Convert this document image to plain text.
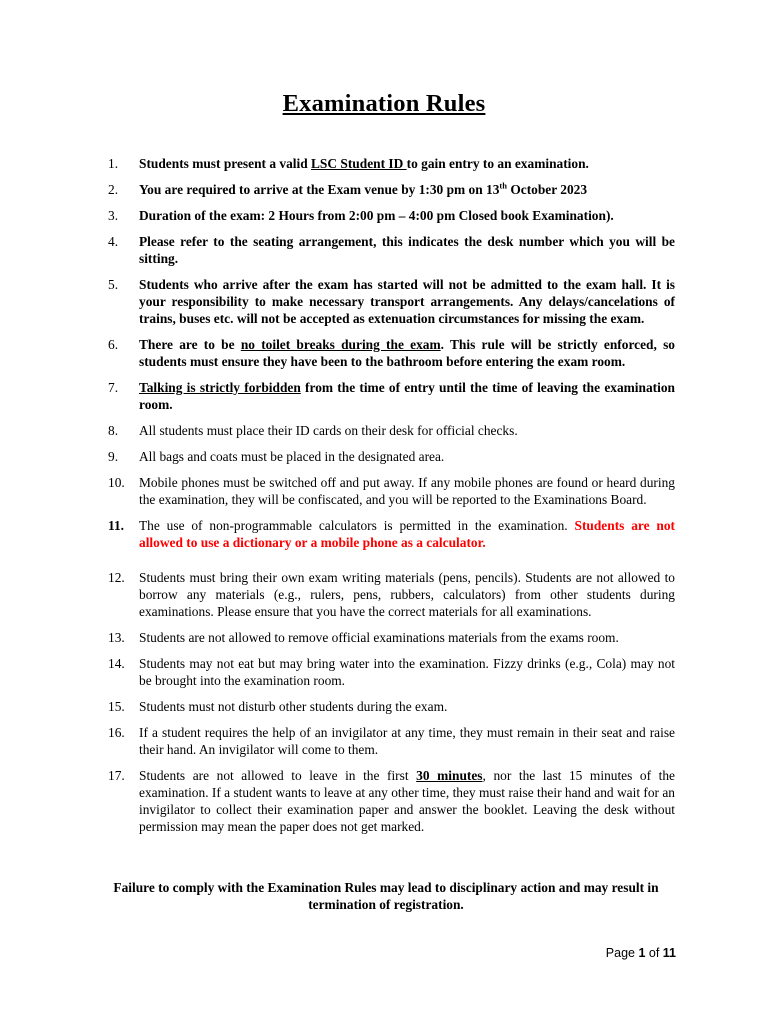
Examination Rules
1.	Students must present a valid LSC Student ID to gain entry to an examination.
2.	You are required to arrive at the Exam venue by 1:30 pm on 13th October 2023
3.	Duration of the exam: 2 Hours from 2:00 pm – 4:00 pm Closed book Examination).
4.	Please refer to the seating arrangement, this indicates the desk number which you will be sitting.
5.	Students who arrive after the exam has started will not be admitted to the exam hall. It is your responsibility to make necessary transport arrangements. Any delays/cancelations of trains, buses etc. will not be accepted as extenuation circumstances for missing the exam.
6.	There are to be no toilet breaks during the exam. This rule will be strictly enforced, so students must ensure they have been to the bathroom before entering the exam room.
7.	Talking is strictly forbidden from the time of entry until the time of leaving the examination room.
8.	All students must place their ID cards on their desk for official checks.
9.	All bags and coats must be placed in the designated area.
10.	Mobile phones must be switched off and put away. If any mobile phones are found or heard during the examination, they will be confiscated, and you will be reported to the Examinations Board.
11.	The use of non-programmable calculators is permitted in the examination. Students are not allowed to use a dictionary or a mobile phone as a calculator.
12.	Students must bring their own exam writing materials (pens, pencils). Students are not allowed to borrow any materials (e.g., rulers, pens, rubbers, calculators) from other students during examinations. Please ensure that you have the correct materials for all examinations.
13.	Students are not allowed to remove official examinations materials from the exams room.
14.	Students may not eat but may bring water into the examination. Fizzy drinks (e.g., Cola) may not be brought into the examination room.
15.	Students must not disturb other students during the exam.
16.	If a student requires the help of an invigilator at any time, they must remain in their seat and raise their hand. An invigilator will come to them.
17.	Students are not allowed to leave in the first 30 minutes, nor the last 15 minutes of the examination. If a student wants to leave at any other time, they must raise their hand and wait for an invigilator to collect their examination paper and answer the booklet. Leaving the desk without permission may mean the paper does not get marked.
Failure to comply with the Examination Rules may lead to disciplinary action and may result in termination of registration.
Page 1 of 11
